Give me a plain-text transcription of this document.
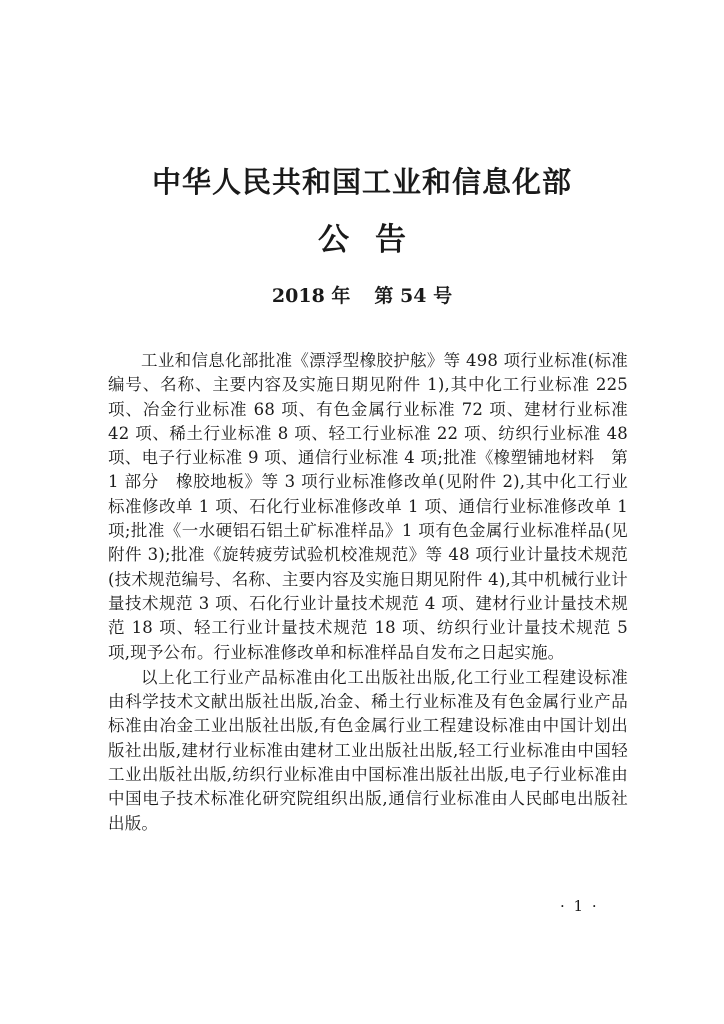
中华人民共和国工业和信息化部
公告
2018 年 第 54 号

工业和信息化部批准《漂浮型橡胶护舷》等 498 项行业标准(标准编号、名称、主要内容及实施日期见附件 1),其中化工行业标准 225 项、冶金行业标准 68 项、有色金属行业标准 72 项、建材行业标准 42 项、稀土行业标准 8 项、轻工行业标准 22 项、纺织行业标准 48 项、电子行业标准 9 项、通信行业标准 4 项;批准《橡塑铺地材料　第 1 部分　橡胶地板》等 3 项行业标准修改单(见附件 2),其中化工行业标准修改单 1 项、石化行业标准修改单 1 项、通信行业标准修改单 1 项;批准《一水硬铝石铝土矿标准样品》1 项有色金属行业标准样品(见附件 3);批准《旋转疲劳试验机校准规范》等 48 项行业计量技术规范(技术规范编号、名称、主要内容及实施日期见附件 4),其中机械行业计量技术规范 3 项、石化行业计量技术规范 4 项、建材行业计量技术规范 18 项、轻工行业计量技术规范 18 项、纺织行业计量技术规范 5 项,现予公布。行业标准修改单和标准样品自发布之日起实施。

以上化工行业产品标准由化工出版社出版,化工行业工程建设标准由科学技术文献出版社出版,冶金、稀土行业标准及有色金属行业产品标准由冶金工业出版社出版,有色金属行业工程建设标准由中国计划出版社出版,建材行业标准由建材工业出版社出版,轻工行业标准由中国轻工业出版社出版,纺织行业标准由中国标准出版社出版,电子行业标准由中国电子技术标准化研究院组织出版,通信行业标准由人民邮电出版社出版。

· 1 ·
